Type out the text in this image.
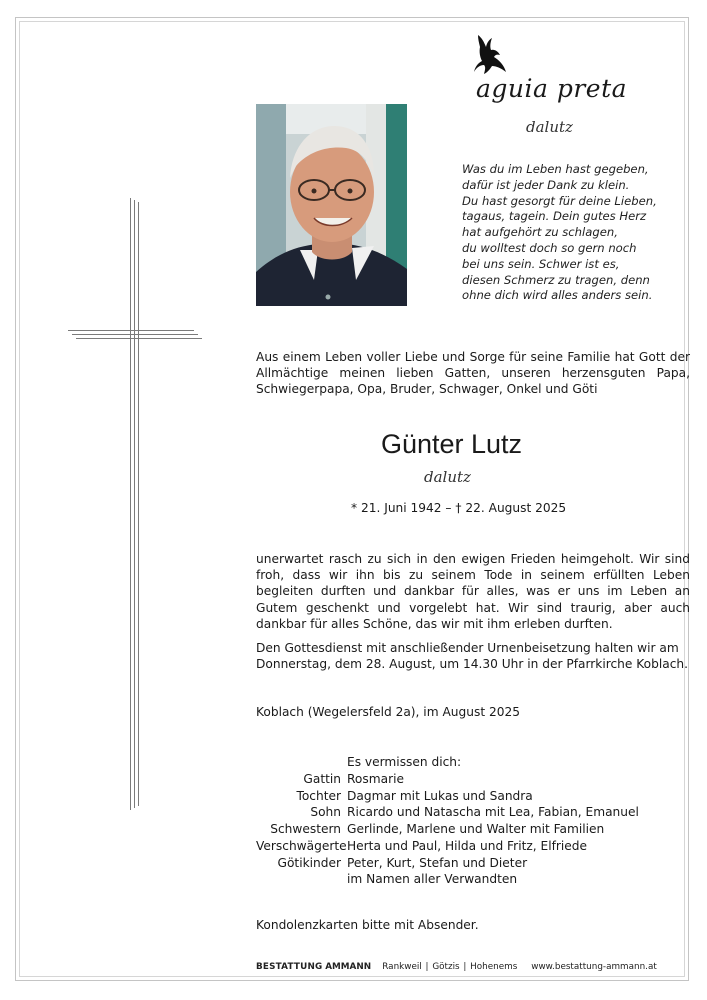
aguia preta
dalutz
Was du im Leben hast gegeben,
dafür ist jeder Dank zu klein.
Du hast gesorgt für deine Lieben,
tagaus, tagein. Dein gutes Herz
hat aufgehört zu schlagen,
du wolltest doch so gern noch
bei uns sein. Schwer ist es,
diesen Schmerz zu tragen, denn
ohne dich wird alles anders sein.
Aus einem Leben voller Liebe und Sorge für seine Familie hat Gott der Allmächtige meinen lieben Gatten, unseren herzensguten Papa, Schwiegerpapa, Opa, Bruder, Schwager, Onkel und Göti
Günter Lutz
dalutz
* 21. Juni 1942 – † 22. August 2025
unerwartet rasch zu sich in den ewigen Frieden heimgeholt. Wir sind froh, dass wir ihn bis zu seinem Tode in seinem erfüllten Leben begleiten durften und dankbar für alles, was er uns im Leben an Gutem geschenkt und vorgelebt hat. Wir sind traurig, aber auch dankbar für alles Schöne, das wir mit ihm erleben durften.
Den Gottesdienst mit anschließender Urnenbeisetzung halten wir am Donnerstag, dem 28. August, um 14.30 Uhr in der Pfarrkirche Koblach.
Koblach (Wegelersfeld 2a), im August 2025
Es vermissen dich:
Gattin Rosmarie
Tochter Dagmar mit Lukas und Sandra
Sohn Ricardo und Natascha mit Lea, Fabian, Emanuel
Schwestern Gerlinde, Marlene und Walter mit Familien
Verschwägerte Herta und Paul, Hilda und Fritz, Elfriede
Götikinder Peter, Kurt, Stefan und Dieter
im Namen aller Verwandten
Kondolenzkarten bitte mit Absender.
BESTATTUNG AMMANN Rankweil | Götzis | Hohenems www.bestattung-ammann.at
